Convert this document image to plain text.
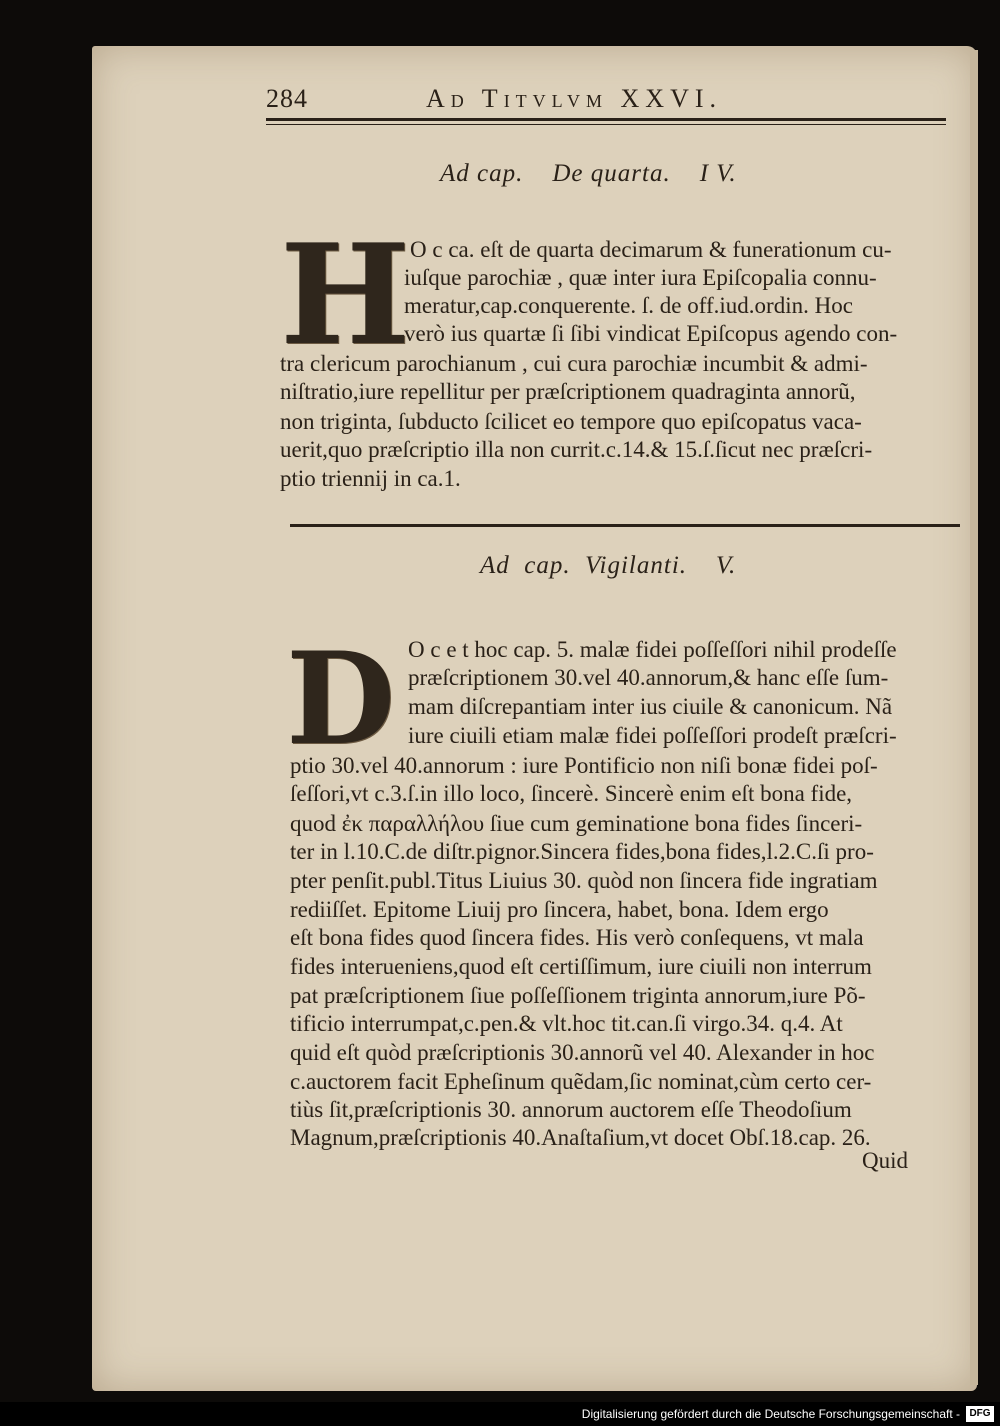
284	Ad Titvlvm XXVI.
Ad cap.    De quarta.    I V.
H O c ca. eſt de quarta decimarum & funerationum cu-
iuſque parochiæ , quæ inter iura Epiſcopalia connu-
meratur,cap.conquerente. ſ. de off.iud.ordin. Hoc
verò ius quartæ ſi ſibi vindicat Epiſcopus agendo con-
tra clericum parochianum , cui cura parochiæ incumbit & admi-
niſtratio,iure repellitur per præſcriptionem quadraginta annorũ,
non triginta, ſubducto ſcilicet eo tempore quo epiſcopatus vaca-
uerit,quo præſcriptio illa non currit.c.14.& 15.ſ.ſicut nec præſcri-
ptio triennij in ca.1.
Ad  cap.  Vigilanti.    V.
D O c e t hoc cap. 5. malæ fidei poſſeſſori nihil prodeſſe
præſcriptionem 30.vel 40.annorum,& hanc eſſe ſum-
mam diſcrepantiam inter ius ciuile & canonicum. Nã
iure ciuili etiam malæ fidei poſſeſſori prodeſt præſcri-
ptio 30.vel 40.annorum : iure Pontificio non niſi bonæ fidei poſ-
ſeſſori,vt c.3.ſ.in illo loco, ſincerè. Sincerè enim eſt bona fide,
quod ἐκ παραλλήλου ſiue cum geminatione bona fides ſinceri-
ter in l.10.C.de diſtr.pignor.Sincera fides,bona fides,l.2.C.ſi pro-
pter penſit.publ.Titus Liuius 30. quòd non ſincera fide ingratiam
rediiſſet. Epitome Liuij pro ſincera, habet, bona. Idem ergo
eſt bona fides quod ſincera fides. His verò conſequens, vt mala
fides interueniens,quod eſt certiſſimum, iure ciuili non interrum
pat præſcriptionem ſiue poſſeſſionem triginta annorum,iure Põ-
tificio interrumpat,c.pen.& vlt.hoc tit.can.ſi virgo.34. q.4. At
quid eſt quòd præſcriptionis 30.annorũ vel 40. Alexander in hoc
c.auctorem facit Epheſinum quẽdam,ſic nominat,cùm certo cer-
tiùs ſit,præſcriptionis 30. annorum auctorem eſſe Theodoſium
Magnum,præſcriptionis 40.Anaſtaſium,vt docet Obſ.18.cap. 26.
Quid
Digitalisierung gefördert durch die Deutsche Forschungsgemeinschaft - DFG
